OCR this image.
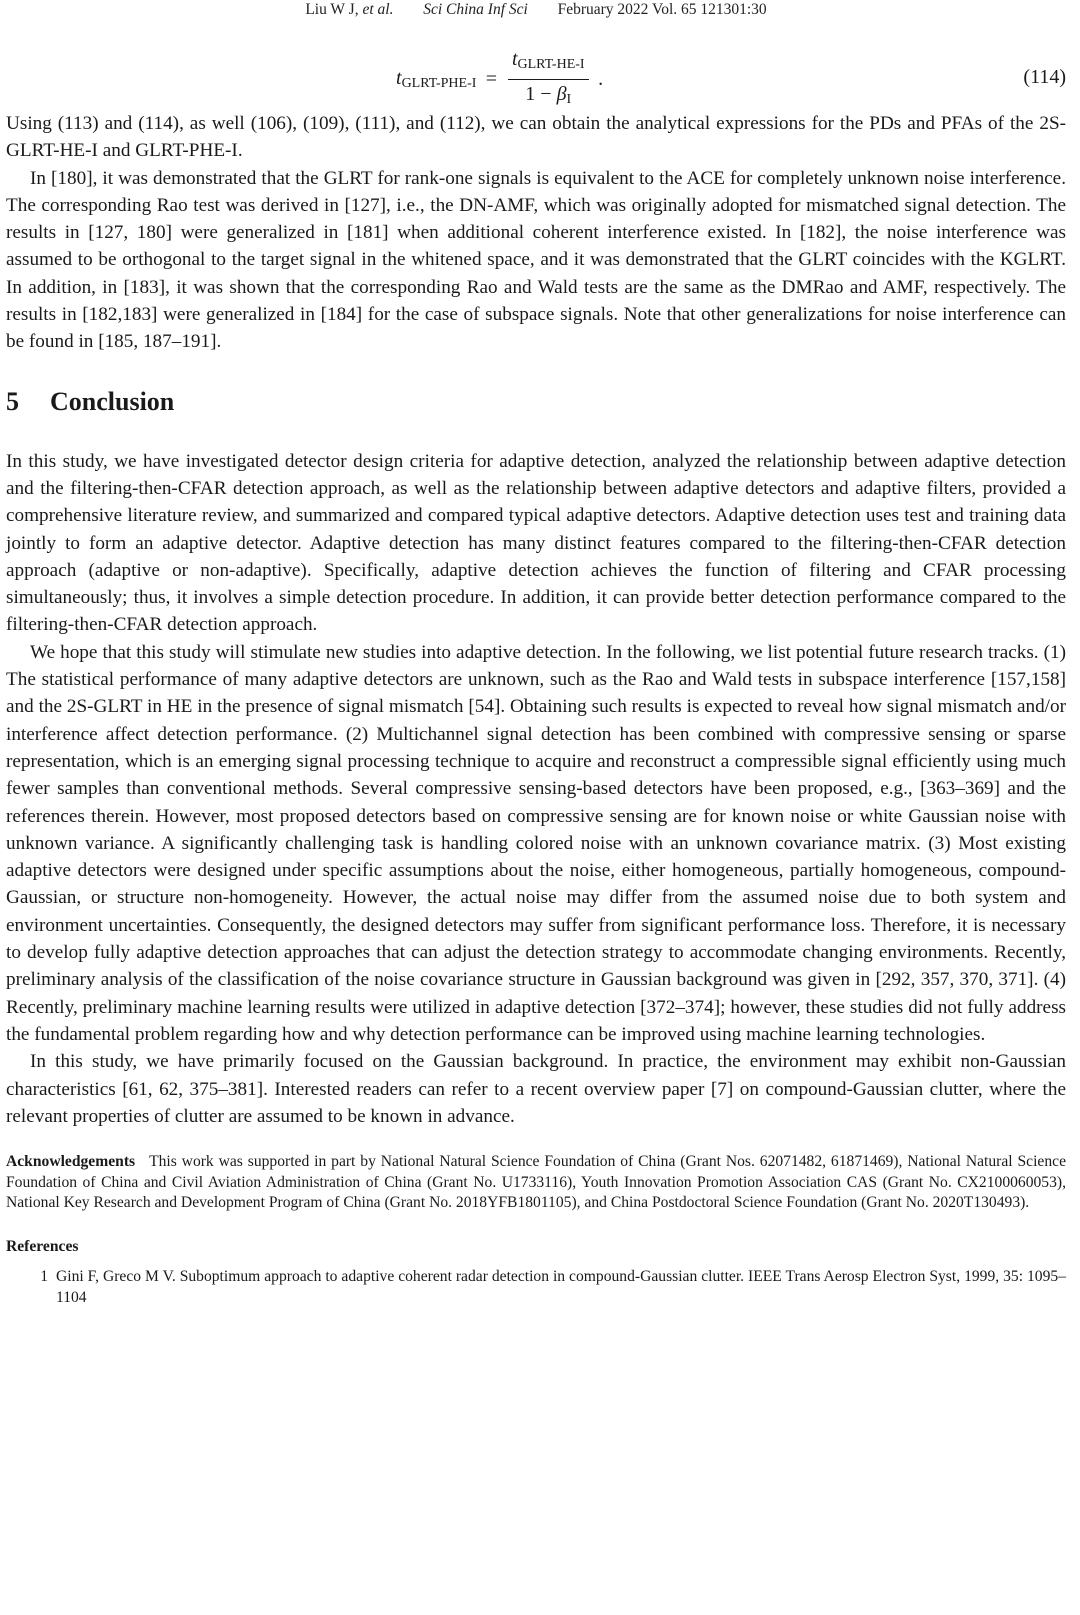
Liu W J, et al. Sci China Inf Sci February 2022 Vol. 65 121301:30
$t_{GLRT-PHE-I} = \frac{t_{GLRT-HE-I}}{1 - \beta_I}$ .	(114)

Using (113) and (114), as well (106), (109), (111), and (112), we can obtain the analytical expressions for the PDs and PFAs of the 2S-GLRT-HE-I and GLRT-PHE-I.

In [180], it was demonstrated that the GLRT for rank-one signals is equivalent to the ACE for completely unknown noise interference. The corresponding Rao test was derived in [127], i.e., the DN-AMF, which was originally adopted for mismatched signal detection. The results in [127, 180] were generalized in [181] when additional coherent interference existed. In [182], the noise interference was assumed to be orthogonal to the target signal in the whitened space, and it was demonstrated that the GLRT coincides with the KGLRT. In addition, in [183], it was shown that the corresponding Rao and Wald tests are the same as the DMRao and AMF, respectively. The results in [182,183] were generalized in [184] for the case of subspace signals. Note that other generalizations for noise interference can be found in [185, 187–191].

5 Conclusion

In this study, we have investigated detector design criteria for adaptive detection, analyzed the relationship between adaptive detection and the filtering-then-CFAR detection approach, as well as the relationship between adaptive detectors and adaptive filters, provided a comprehensive literature review, and summarized and compared typical adaptive detectors. Adaptive detection uses test and training data jointly to form an adaptive detector. Adaptive detection has many distinct features compared to the filtering-then-CFAR detection approach (adaptive or non-adaptive). Specifically, adaptive detection achieves the function of filtering and CFAR processing simultaneously; thus, it involves a simple detection procedure. In addition, it can provide better detection performance compared to the filtering-then-CFAR detection approach.

We hope that this study will stimulate new studies into adaptive detection. In the following, we list potential future research tracks. (1) The statistical performance of many adaptive detectors are unknown, such as the Rao and Wald tests in subspace interference [157,158] and the 2S-GLRT in HE in the presence of signal mismatch [54]. Obtaining such results is expected to reveal how signal mismatch and/or interference affect detection performance. (2) Multichannel signal detection has been combined with compressive sensing or sparse representation, which is an emerging signal processing technique to acquire and reconstruct a compressible signal efficiently using much fewer samples than conventional methods. Several compressive sensing-based detectors have been proposed, e.g., [363–369] and the references therein. However, most proposed detectors based on compressive sensing are for known noise or white Gaussian noise with unknown variance. A significantly challenging task is handling colored noise with an unknown covariance matrix. (3) Most existing adaptive detectors were designed under specific assumptions about the noise, either homogeneous, partially homogeneous, compound-Gaussian, or structure non-homogeneity. However, the actual noise may differ from the assumed noise due to both system and environment uncertainties. Consequently, the designed detectors may suffer from significant performance loss. Therefore, it is necessary to develop fully adaptive detection approaches that can adjust the detection strategy to accommodate changing environments. Recently, preliminary analysis of the classification of the noise covariance structure in Gaussian background was given in [292, 357, 370, 371]. (4) Recently, preliminary machine learning results were utilized in adaptive detection [372–374]; however, these studies did not fully address the fundamental problem regarding how and why detection performance can be improved using machine learning technologies.

In this study, we have primarily focused on the Gaussian background. In practice, the environment may exhibit non-Gaussian characteristics [61, 62, 375–381]. Interested readers can refer to a recent overview paper [7] on compound-Gaussian clutter, where the relevant properties of clutter are assumed to be known in advance.

Acknowledgements This work was supported in part by National Natural Science Foundation of China (Grant Nos. 62071482, 61871469), National Natural Science Foundation of China and Civil Aviation Administration of China (Grant No. U1733116), Youth Innovation Promotion Association CAS (Grant No. CX2100060053), National Key Research and Development Program of China (Grant No. 2018YFB1801105), and China Postdoctoral Science Foundation (Grant No. 2020T130493).
References
1 Gini F, Greco M V. Suboptimum approach to adaptive coherent radar detection in compound-Gaussian clutter. IEEE Trans Aerosp Electron Syst, 1999, 35: 1095–1104
